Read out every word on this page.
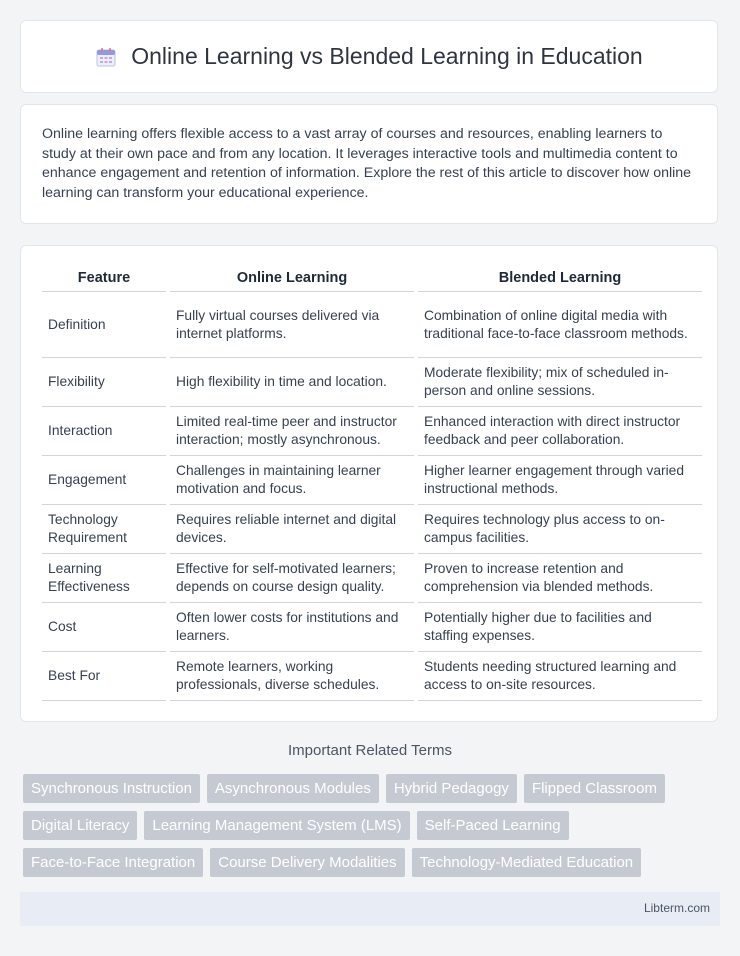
Online Learning vs Blended Learning in Education

Online learning offers flexible access to a vast array of courses and resources, enabling learners to study at their own pace and from any location. It leverages interactive tools and multimedia content to enhance engagement and retention of information. Explore the rest of this article to discover how online learning can transform your educational experience.

Feature	Online Learning	Blended Learning
Definition	Fully virtual courses delivered via internet platforms.	Combination of online digital media with traditional face-to-face classroom methods.
Flexibility	High flexibility in time and location.	Moderate flexibility; mix of scheduled in-person and online sessions.
Interaction	Limited real-time peer and instructor interaction; mostly asynchronous.	Enhanced interaction with direct instructor feedback and peer collaboration.
Engagement	Challenges in maintaining learner motivation and focus.	Higher learner engagement through varied instructional methods.
Technology Requirement	Requires reliable internet and digital devices.	Requires technology plus access to on-campus facilities.
Learning Effectiveness	Effective for self-motivated learners; depends on course design quality.	Proven to increase retention and comprehension via blended methods.
Cost	Often lower costs for institutions and learners.	Potentially higher due to facilities and staffing expenses.
Best For	Remote learners, working professionals, diverse schedules.	Students needing structured learning and access to on-site resources.
Important Related Terms
Synchronous Instruction	Asynchronous Modules	Hybrid Pedagogy	Flipped Classroom
Digital Literacy	Learning Management System (LMS)	Self-Paced Learning
Face-to-Face Integration	Course Delivery Modalities	Technology-Mediated Education
Libterm.com
